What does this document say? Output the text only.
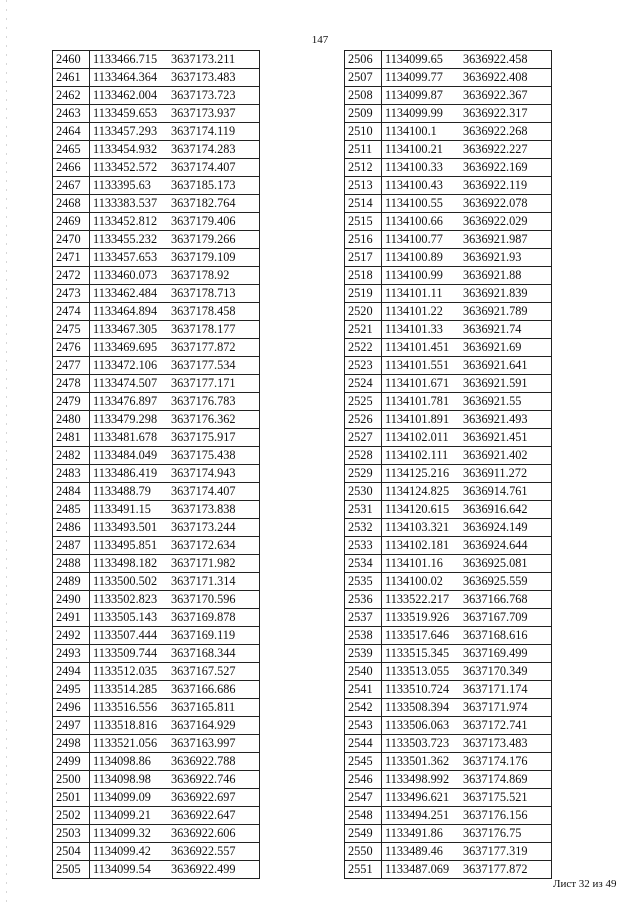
147
2460	1133466.715	3637173.211
2461	1133464.364	3637173.483
2462	1133462.004	3637173.723
2463	1133459.653	3637173.937
2464	1133457.293	3637174.119
2465	1133454.932	3637174.283
2466	1133452.572	3637174.407
2467	1133395.63	3637185.173
2468	1133383.537	3637182.764
2469	1133452.812	3637179.406
2470	1133455.232	3637179.266
2471	1133457.653	3637179.109
2472	1133460.073	3637178.92
2473	1133462.484	3637178.713
2474	1133464.894	3637178.458
2475	1133467.305	3637178.177
2476	1133469.695	3637177.872
2477	1133472.106	3637177.534
2478	1133474.507	3637177.171
2479	1133476.897	3637176.783
2480	1133479.298	3637176.362
2481	1133481.678	3637175.917
2482	1133484.049	3637175.438
2483	1133486.419	3637174.943
2484	1133488.79	3637174.407
2485	1133491.15	3637173.838
2486	1133493.501	3637173.244
2487	1133495.851	3637172.634
2488	1133498.182	3637171.982
2489	1133500.502	3637171.314
2490	1133502.823	3637170.596
2491	1133505.143	3637169.878
2492	1133507.444	3637169.119
2493	1133509.744	3637168.344
2494	1133512.035	3637167.527
2495	1133514.285	3637166.686
2496	1133516.556	3637165.811
2497	1133518.816	3637164.929
2498	1133521.056	3637163.997
2499	1134098.86	3636922.788
2500	1134098.98	3636922.746
2501	1134099.09	3636922.697
2502	1134099.21	3636922.647
2503	1134099.32	3636922.606
2504	1134099.42	3636922.557
2505	1134099.54	3636922.499
2506	1134099.65	3636922.458
2507	1134099.77	3636922.408
2508	1134099.87	3636922.367
2509	1134099.99	3636922.317
2510	1134100.1	3636922.268
2511	1134100.21	3636922.227
2512	1134100.33	3636922.169
2513	1134100.43	3636922.119
2514	1134100.55	3636922.078
2515	1134100.66	3636922.029
2516	1134100.77	3636921.987
2517	1134100.89	3636921.93
2518	1134100.99	3636921.88
2519	1134101.11	3636921.839
2520	1134101.22	3636921.789
2521	1134101.33	3636921.74
2522	1134101.451	3636921.69
2523	1134101.551	3636921.641
2524	1134101.671	3636921.591
2525	1134101.781	3636921.55
2526	1134101.891	3636921.493
2527	1134102.011	3636921.451
2528	1134102.111	3636921.402
2529	1134125.216	3636911.272
2530	1134124.825	3636914.761
2531	1134120.615	3636916.642
2532	1134103.321	3636924.149
2533	1134102.181	3636924.644
2534	1134101.16	3636925.081
2535	1134100.02	3636925.559
2536	1133522.217	3637166.768
2537	1133519.926	3637167.709
2538	1133517.646	3637168.616
2539	1133515.345	3637169.499
2540	1133513.055	3637170.349
2541	1133510.724	3637171.174
2542	1133508.394	3637171.974
2543	1133506.063	3637172.741
2544	1133503.723	3637173.483
2545	1133501.362	3637174.176
2546	1133498.992	3637174.869
2547	1133496.621	3637175.521
2548	1133494.251	3637176.156
2549	1133491.86	3637176.75
2550	1133489.46	3637177.319
2551	1133487.069	3637177.872
Лист 32 из 49
